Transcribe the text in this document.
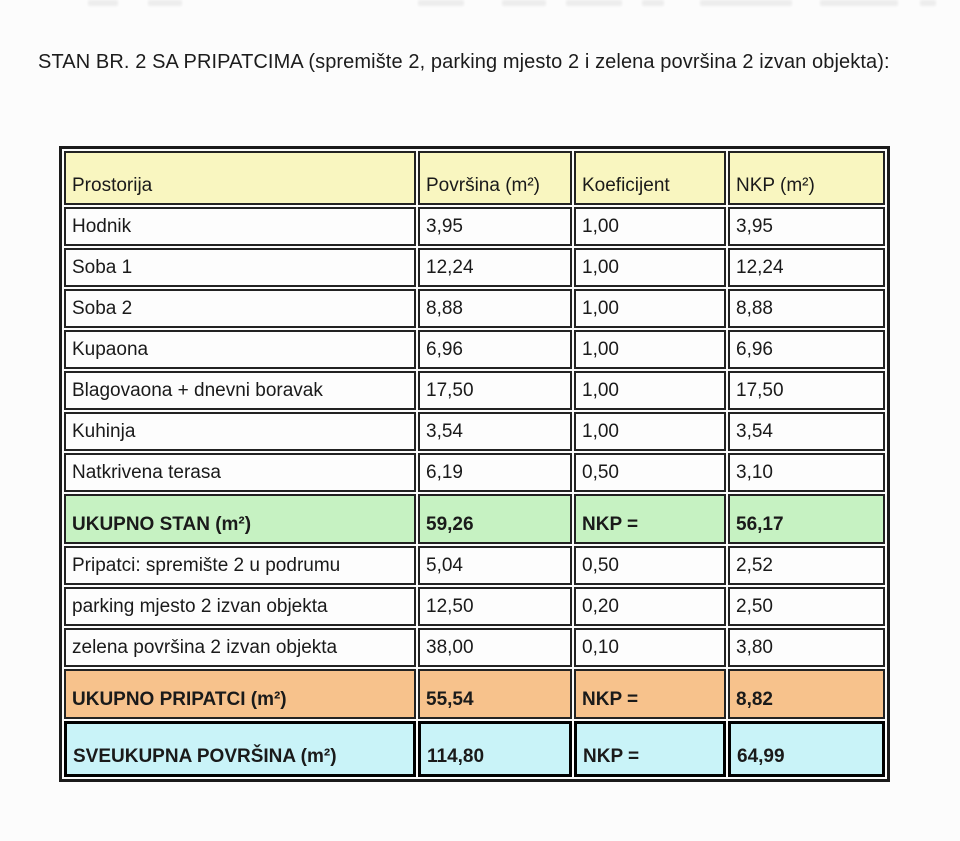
STAN BR. 2 SA PRIPATCIMA (spremište 2, parking mjesto 2 i zelena površina 2 izvan objekta):
Prostorija	Površina (m²)	Koeficijent	NKP (m²)
Hodnik	3,95	1,00	3,95
Soba 1	12,24	1,00	12,24
Soba 2	8,88	1,00	8,88
Kupaona	6,96	1,00	6,96
Blagovaona + dnevni boravak	17,50	1,00	17,50
Kuhinja	3,54	1,00	3,54
Natkrivena terasa	6,19	0,50	3,10
UKUPNO STAN (m²)	59,26	NKP =	56,17
Pripatci: spremište 2 u podrumu	5,04	0,50	2,52
parking mjesto 2 izvan objekta	12,50	0,20	2,50
zelena površina 2 izvan objekta	38,00	0,10	3,80
UKUPNO PRIPATCI (m²)	55,54	NKP =	8,82
SVEUKUPNA POVRŠINA (m²)	114,80	NKP =	64,99
